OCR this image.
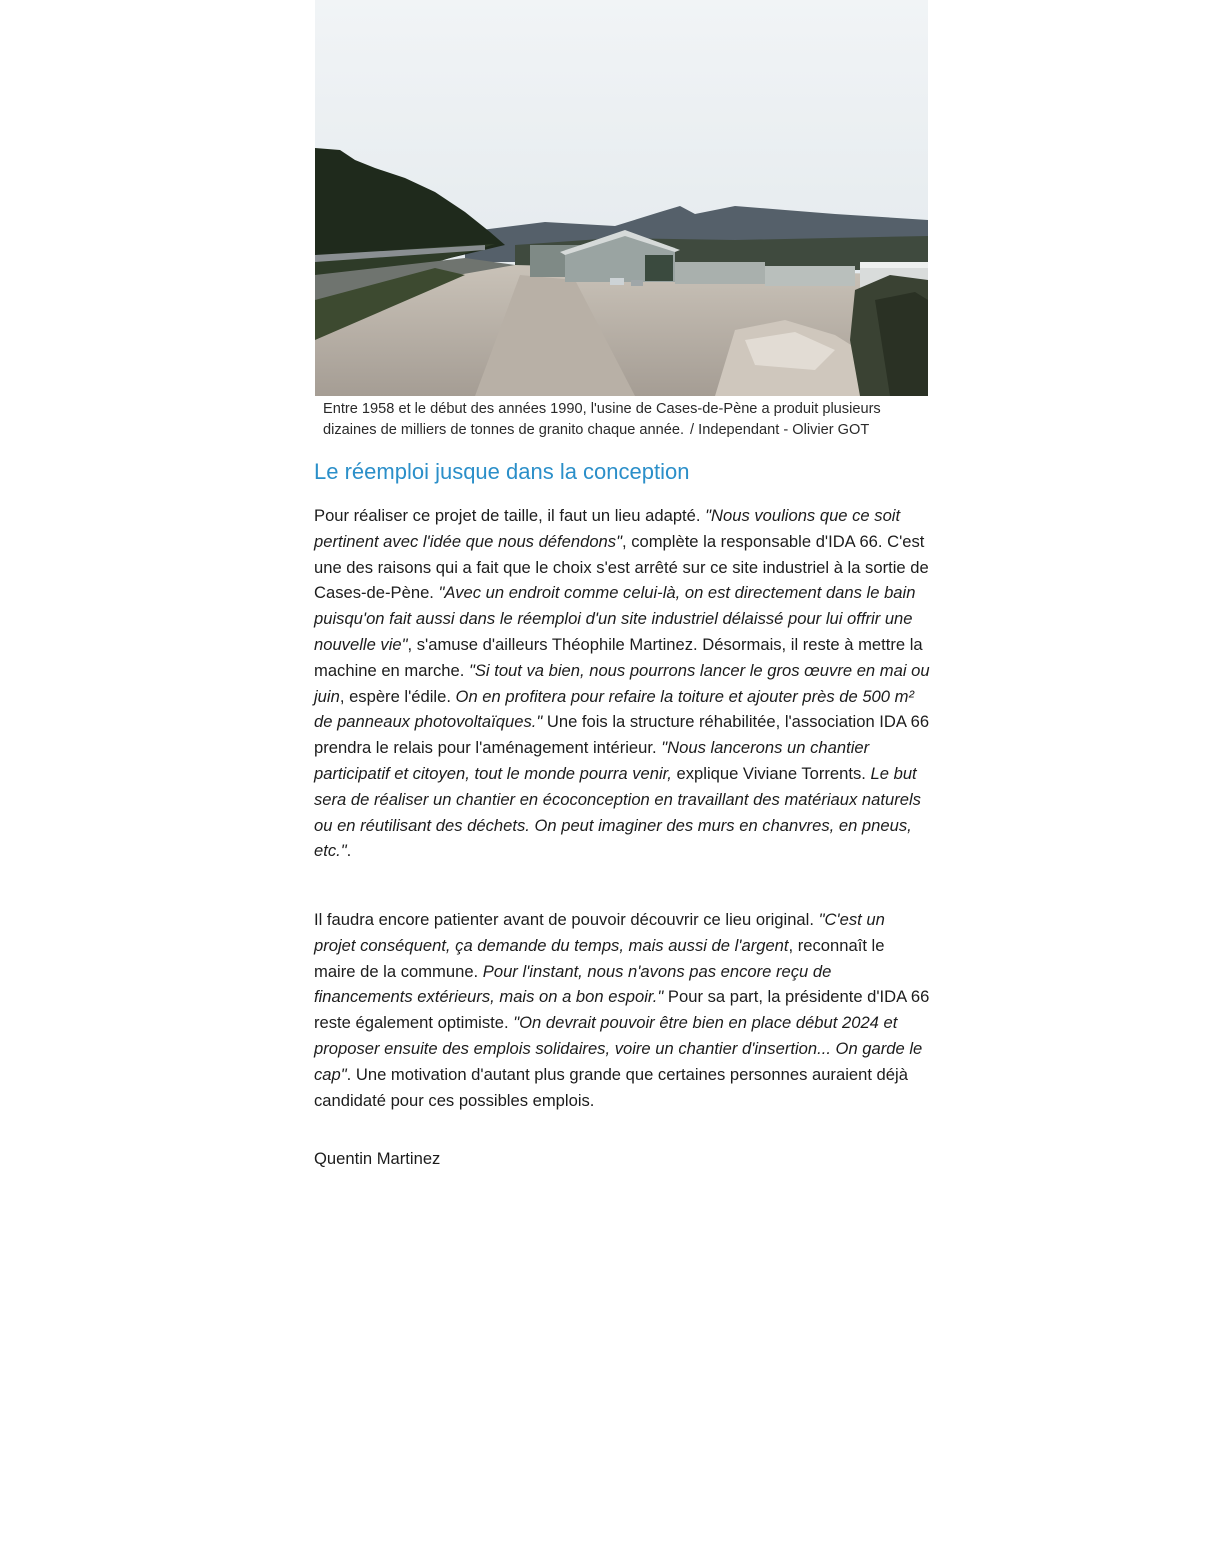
Entre 1958 et le début des années 1990, l'usine de Cases-de-Pène a produit plusieurs dizaines de milliers de tonnes de granito chaque année. / Independant - Olivier GOT
Le réemploi jusque dans la conception

Pour réaliser ce projet de taille, il faut un lieu adapté. "Nous voulions que ce soit pertinent avec l'idée que nous défendons", complète la responsable d'IDA 66. C'est une des raisons qui a fait que le choix s'est arrêté sur ce site industriel à la sortie de Cases-de-Pène. "Avec un endroit comme celui-là, on est directement dans le bain puisqu'on fait aussi dans le réemploi d'un site industriel délaissé pour lui offrir une nouvelle vie", s'amuse d'ailleurs Théophile Martinez. Désormais, il reste à mettre la machine en marche. "Si tout va bien, nous pourrons lancer le gros œuvre en mai ou juin, espère l'édile. On en profitera pour refaire la toiture et ajouter près de 500 m² de panneaux photovoltaïques." Une fois la structure réhabilitée, l'association IDA 66 prendra le relais pour l'aménagement intérieur. "Nous lancerons un chantier participatif et citoyen, tout le monde pourra venir, explique Viviane Torrents. Le but sera de réaliser un chantier en écoconception en travaillant des matériaux naturels ou en réutilisant des déchets. On peut imaginer des murs en chanvres, en pneus, etc.".

Il faudra encore patienter avant de pouvoir découvrir ce lieu original. "C'est un projet conséquent, ça demande du temps, mais aussi de l'argent, reconnaît le maire de la commune. Pour l'instant, nous n'avons pas encore reçu de financements extérieurs, mais on a bon espoir." Pour sa part, la présidente d'IDA 66 reste également optimiste. "On devrait pouvoir être bien en place début 2024 et proposer ensuite des emplois solidaires, voire un chantier d'insertion... On garde le cap". Une motivation d'autant plus grande que certaines personnes auraient déjà candidaté pour ces possibles emplois.

Quentin Martinez
